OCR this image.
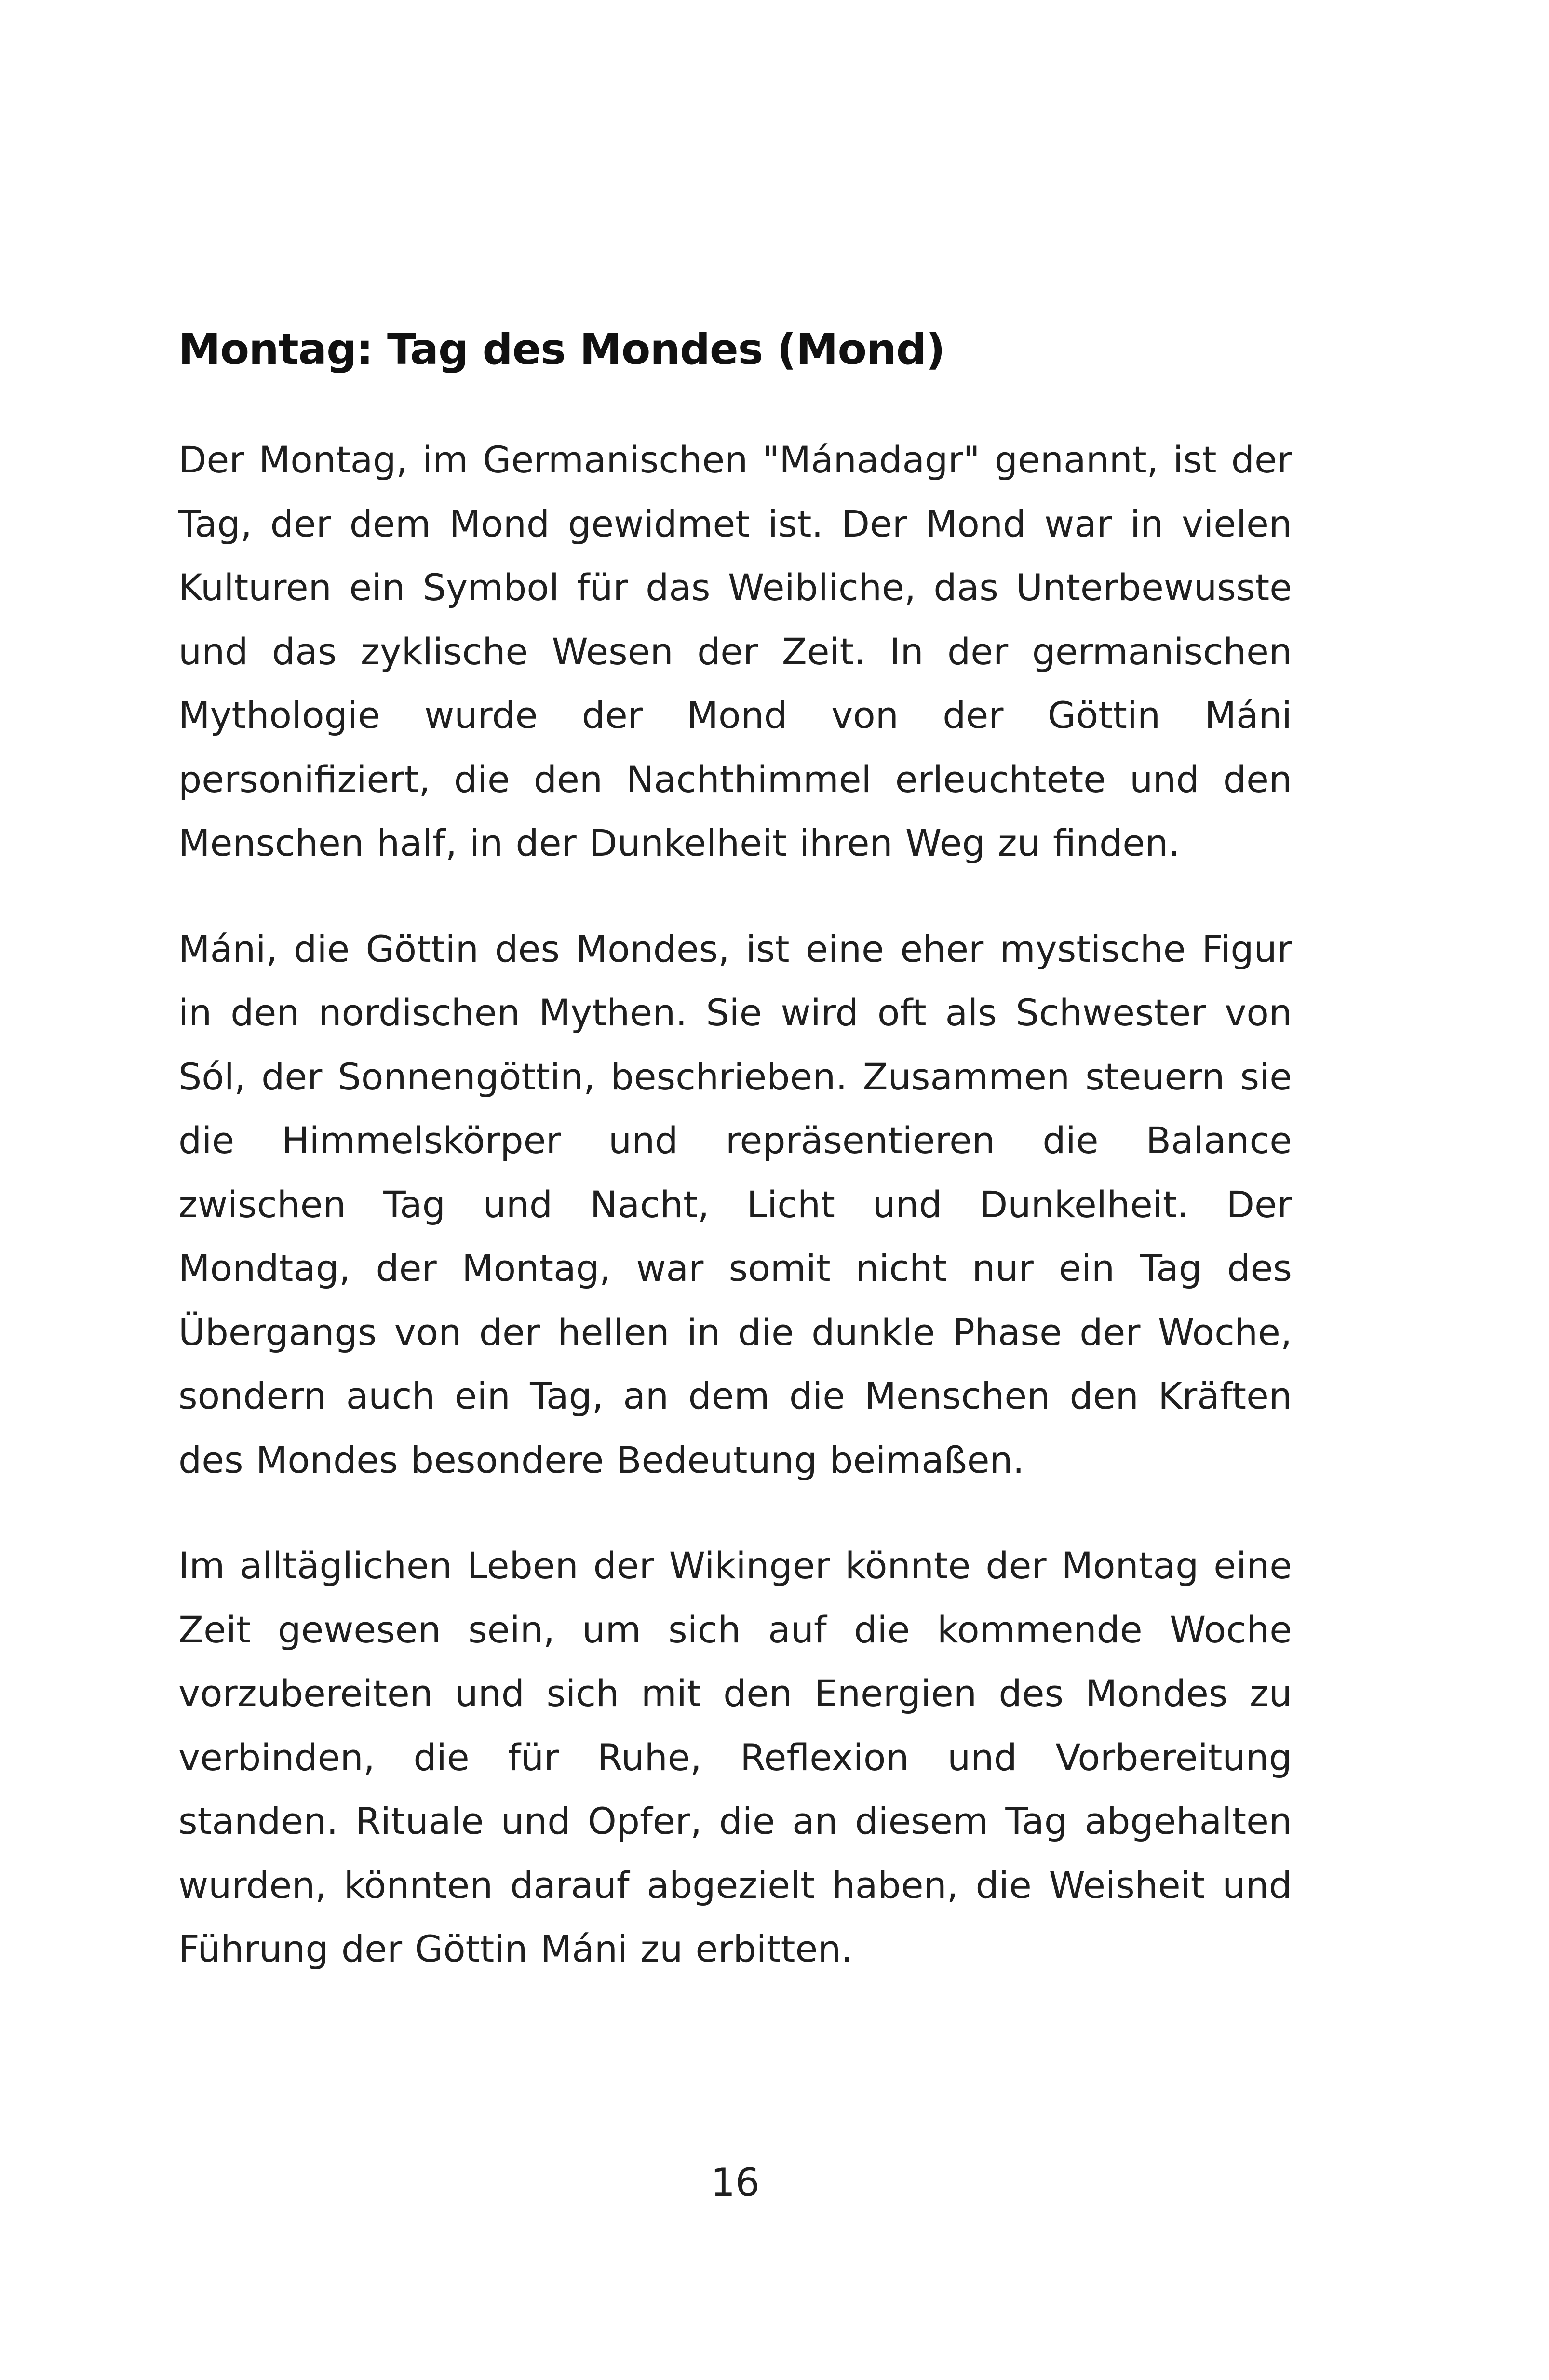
Montag: Tag des Mondes (Mond)

Der Montag, im Germanischen "Mánadagr" genannt, ist der Tag, der dem Mond gewidmet ist. Der Mond war in vielen Kulturen ein Symbol für das Weibliche, das Unterbewusste und das zyklische Wesen der Zeit. In der germanischen Mythologie wurde der Mond von der Göttin Máni personifiziert, die den Nachthimmel erleuchtete und den Menschen half, in der Dunkelheit ihren Weg zu finden.

Máni, die Göttin des Mondes, ist eine eher mystische Figur in den nordischen Mythen. Sie wird oft als Schwester von Sól, der Sonnengöttin, beschrieben. Zusammen steuern sie die Himmelskörper und repräsentieren die Balance zwischen Tag und Nacht, Licht und Dunkelheit. Der Mondtag, der Montag, war somit nicht nur ein Tag des Übergangs von der hellen in die dunkle Phase der Woche, sondern auch ein Tag, an dem die Menschen den Kräften des Mondes besondere Bedeutung beimaßen.

Im alltäglichen Leben der Wikinger könnte der Montag eine Zeit gewesen sein, um sich auf die kommende Woche vorzubereiten und sich mit den Energien des Mondes zu verbinden, die für Ruhe, Reflexion und Vorbereitung standen. Rituale und Opfer, die an diesem Tag abgehalten wurden, könnten darauf abgezielt haben, die Weisheit und Führung der Göttin Máni zu erbitten.

16
